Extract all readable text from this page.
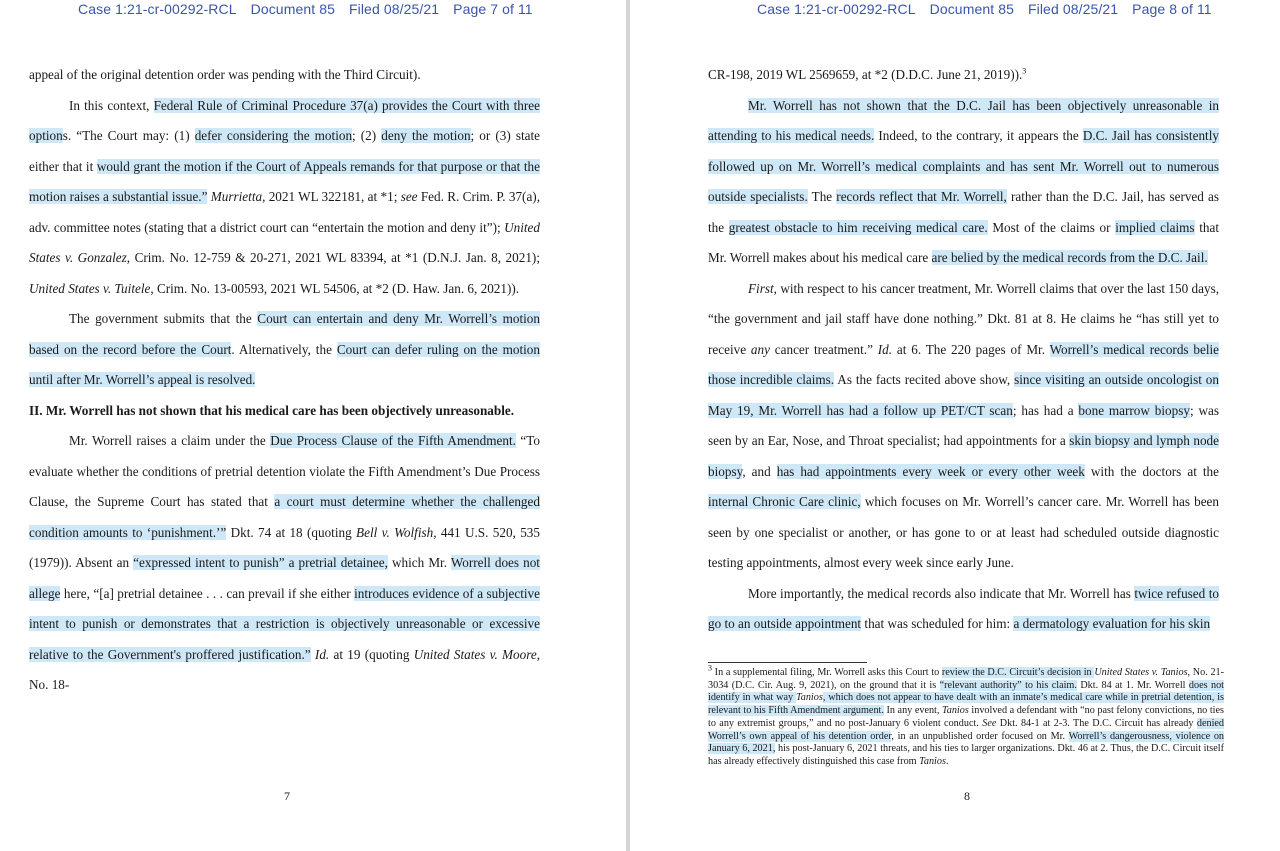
Case 1:21-cr-00292-RCL Document 85 Filed 08/25/21 Page 7 of 11

appeal of the original detention order was pending with the Third Circuit).

In this context, Federal Rule of Criminal Procedure 37(a) provides the Court with three options. “The Court may: (1) defer considering the motion; (2) deny the motion; or (3) state either that it would grant the motion if the Court of Appeals remands for that purpose or that the motion raises a substantial issue.” Murrietta, 2021 WL 322181, at *1; see Fed. R. Crim. P. 37(a), adv. committee notes (stating that a district court can “entertain the motion and deny it”); United States v. Gonzalez, Crim. No. 12-759 & 20-271, 2021 WL 83394, at *1 (D.N.J. Jan. 8, 2021); United States v. Tuitele, Crim. No. 13-00593, 2021 WL 54506, at *2 (D. Haw. Jan. 6, 2021)).

The government submits that the Court can entertain and deny Mr. Worrell’s motion based on the record before the Court. Alternatively, the Court can defer ruling on the motion until after Mr. Worrell’s appeal is resolved.

II. Mr. Worrell has not shown that his medical care has been objectively unreasonable.

Mr. Worrell raises a claim under the Due Process Clause of the Fifth Amendment. “To evaluate whether the conditions of pretrial detention violate the Fifth Amendment’s Due Process Clause, the Supreme Court has stated that a court must determine whether the challenged condition amounts to ‘punishment.’” Dkt. 74 at 18 (quoting Bell v. Wolfish, 441 U.S. 520, 535 (1979)). Absent an “expressed intent to punish” a pretrial detainee, which Mr. Worrell does not allege here, “[a] pretrial detainee . . . can prevail if she either introduces evidence of a subjective intent to punish or demonstrates that a restriction is objectively unreasonable or excessive relative to the Government's proffered justification.” Id. at 19 (quoting United States v. Moore, No. 18-

7
Case 1:21-cr-00292-RCL Document 85 Filed 08/25/21 Page 8 of 11

CR-198, 2019 WL 2569659, at *2 (D.D.C. June 21, 2019)).$^3$

Mr. Worrell has not shown that the D.C. Jail has been objectively unreasonable in attending to his medical needs. Indeed, to the contrary, it appears the D.C. Jail has consistently followed up on Mr. Worrell’s medical complaints and has sent Mr. Worrell out to numerous outside specialists. The records reflect that Mr. Worrell, rather than the D.C. Jail, has served as the greatest obstacle to him receiving medical care. Most of the claims or implied claims that Mr. Worrell makes about his medical care are belied by the medical records from the D.C. Jail.

First, with respect to his cancer treatment, Mr. Worrell claims that over the last 150 days, “the government and jail staff have done nothing.” Dkt. 81 at 8. He claims he “has still yet to receive any cancer treatment.” Id. at 6. The 220 pages of Mr. Worrell’s medical records belie those incredible claims. As the facts recited above show, since visiting an outside oncologist on May 19, Mr. Worrell has had a follow up PET/CT scan; has had a bone marrow biopsy; was seen by an Ear, Nose, and Throat specialist; had appointments for a skin biopsy and lymph node biopsy, and has had appointments every week or every other week with the doctors at the internal Chronic Care clinic, which focuses on Mr. Worrell’s cancer care. Mr. Worrell has been seen by one specialist or another, or has gone to or at least had scheduled outside diagnostic testing appointments, almost every week since early June.

More importantly, the medical records also indicate that Mr. Worrell has twice refused to go to an outside appointment that was scheduled for him: a dermatology evaluation for his skin

$^3$ In a supplemental filing, Mr. Worrell asks this Court to review the D.C. Circuit’s decision in United States v. Tanios, No. 21-3034 (D.C. Cir. Aug. 9, 2021), on the ground that it is “relevant authority” to his claim. Dkt. 84 at 1. Mr. Worrell does not identify in what way Tanios, which does not appear to have dealt with an inmate’s medical care while in pretrial detention, is relevant to his Fifth Amendment argument. In any event, Tanios involved a defendant with “no past felony convictions, no ties to any extremist groups,” and no post-January 6 violent conduct. See Dkt. 84-1 at 2-3. The D.C. Circuit has already denied Worrell’s own appeal of his detention order, in an unpublished order focused on Mr. Worrell’s dangerousness, violence on January 6, 2021, his post-January 6, 2021 threats, and his ties to larger organizations. Dkt. 46 at 2. Thus, the D.C. Circuit itself has already effectively distinguished this case from Tanios.
8
